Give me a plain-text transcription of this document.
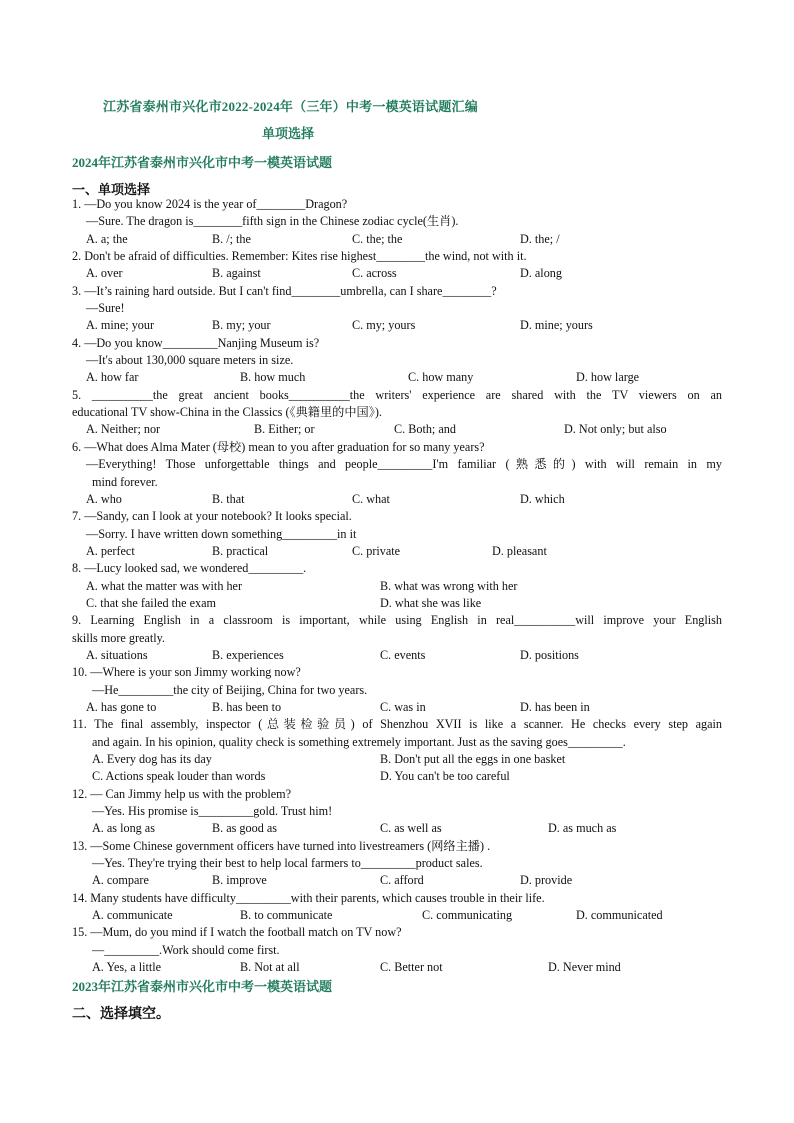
江苏省泰州市兴化市2022-2024年（三年）中考一模英语试题汇编
单项选择
2024年江苏省泰州市兴化市中考一模英语试题
一、单项选择
1. —Do you know 2024 is the year of________Dragon?
—Sure. The dragon is________fifth sign in the Chinese zodiac cycle(生肖).
A. a; the	B. /; the	C. the; the	D. the; /
2. Don't be afraid of difficulties. Remember: Kites rise highest________the wind, not with it.
A. over	B. against	C. across	D. along
3. —It’s raining hard outside. But I can't find________umbrella, can I share________?
—Sure!
A. mine; your	B. my; your	C. my; yours	D. mine; yours
4. —Do you know_________Nanjing Museum is?
—It's about 130,000 square meters in size.
A. how far	B. how much	C. how many	D. how large
5. __________the great ancient books__________the writers' experience are shared with the TV viewers on an
educational TV show-China in the Classics (《典籍里的中国》).
A. Neither; nor	B. Either; or	C. Both; and	D. Not only; but also
6. —What does Alma Mater (母校) mean to you after graduation for so many years?
—Everything! Those unforgettable things and people_________I'm familiar (熟悉的) with will remain in my
mind forever.
A. who	B. that	C. what	D. which
7. —Sandy, can I look at your notebook? It looks special.
—Sorry. I have written down something_________in it
A. perfect	B. practical	C. private	D. pleasant
8. —Lucy looked sad, we wondered_________.
A. what the matter was with her	B. what was wrong with her
C. that she failed the exam	D. what she was like
9. Learning English in a classroom is important, while using English in real__________will improve your English
skills more greatly.
A. situations	B. experiences	C. events	D. positions
10. —Where is your son Jimmy working now?
—He_________the city of Beijing, China for two years.
A. has gone to	B. has been to	C. was in	D. has been in
11. The final assembly, inspector (总装检验员) of Shenzhou XVII is like a scanner. He checks every step again
and again. In his opinion, quality check is something extremely important. Just as the saving goes_________.
A. Every dog has its day	B. Don't put all the eggs in one basket
C. Actions speak louder than words	D. You can't be too careful
12. — Can Jimmy help us with the problem?
—Yes. His promise is_________gold. Trust him!
A. as long as	B. as good as	C. as well as	D. as much as
13. —Some Chinese government officers have turned into livestreamers (网络主播) .
—Yes. They're trying their best to help local farmers to_________product sales.
A. compare	B. improve	C. afford	D. provide
14. Many students have difficulty_________with their parents, which causes trouble in their life.
A. communicate	B. to communicate	C. communicating	D. communicated
15. —Mum, do you mind if I watch the football match on TV now?
—_________.Work should come first.
A. Yes, a little	B. Not at all	C. Better not	D. Never mind
2023年江苏省泰州市兴化市中考一模英语试题
二、选择填空。
